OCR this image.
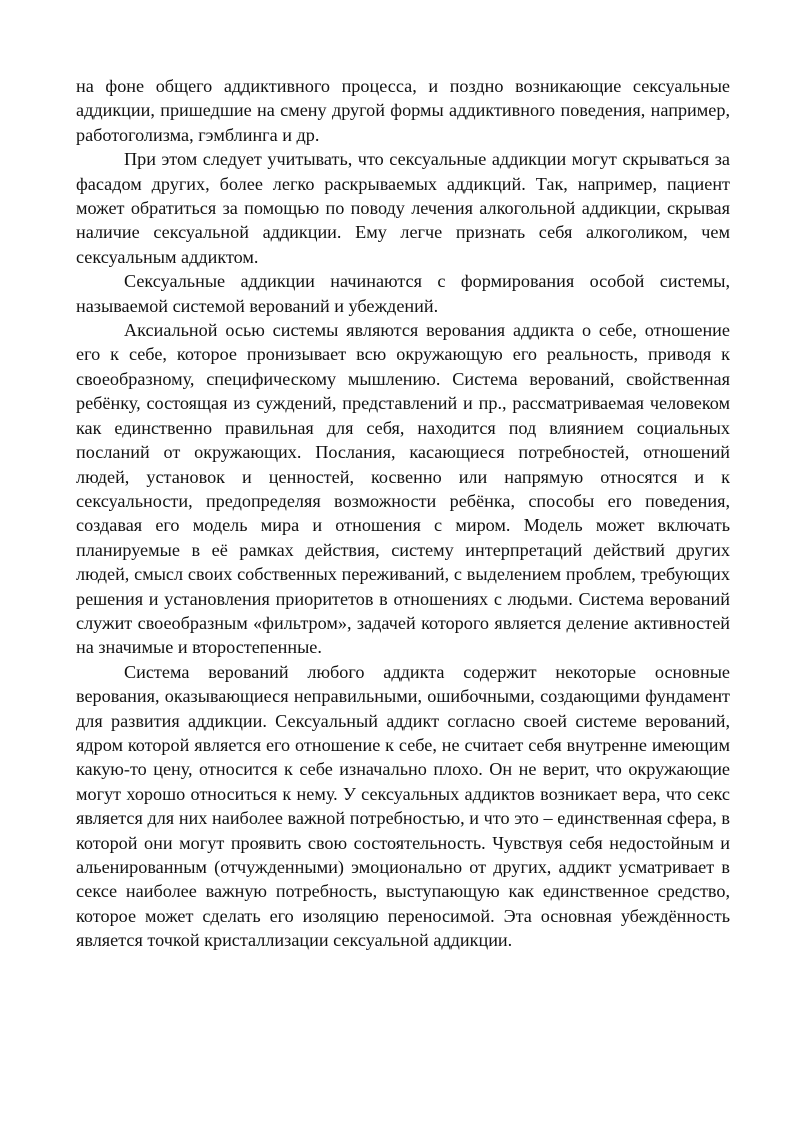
на фоне общего аддиктивного процесса, и поздно возникающие сексуальные аддикции, пришедшие на смену другой формы аддиктивного поведения, например, работоголизма, гэмблинга и др.

При этом следует учитывать, что сексуальные аддикции могут скрываться за фасадом других, более легко раскрываемых аддикций. Так, например, пациент может обратиться за помощью по поводу лечения алкогольной аддикции, скрывая наличие сексуальной аддикции. Ему легче признать себя алкоголиком, чем сексуальным аддиктом.

Сексуальные аддикции начинаются с формирования особой системы, называемой системой верований и убеждений.

Аксиальной осью системы являются верования аддикта о себе, отношение его к себе, которое пронизывает всю окружающую его реальность, приводя к своеобразному, специфическому мышлению. Система верований, свойственная ребёнку, состоящая из суждений, представлений и пр., рассматриваемая человеком как единственно правильная для себя, находится под влиянием социальных посланий от окружающих. Послания, касающиеся потребностей, отношений людей, установок и ценностей, косвенно или напрямую относятся и к сексуальности, предопределяя возможности ребёнка, способы его поведения, создавая его модель мира и отношения с миром. Модель может включать планируемые в её рамках действия, систему интерпретаций действий других людей, смысл своих собственных переживаний, с выделением проблем, требующих решения и установления приоритетов в отношениях с людьми. Система верований служит своеобразным «фильтром», задачей которого является деление активностей на значимые и второстепенные.

Система верований любого аддикта содержит некоторые основные верования, оказывающиеся неправильными, ошибочными, создающими фундамент для развития аддикции. Сексуальный аддикт согласно своей системе верований, ядром которой является его отношение к себе, не считает себя внутренне имеющим какую-то цену, относится к себе изначально плохо. Он не верит, что окружающие могут хорошо относиться к нему. У сексуальных аддиктов возникает вера, что секс является для них наиболее важной потребностью, и что это – единственная сфера, в которой они могут проявить свою состоятельность. Чувствуя себя недостойным и альенированным (отчужденными) эмоционально от других, аддикт усматривает в сексе наиболее важную потребность, выступающую как единственное средство, которое может сделать его изоляцию переносимой. Эта основная убеждённость является точкой кристаллизации сексуальной аддикции.
